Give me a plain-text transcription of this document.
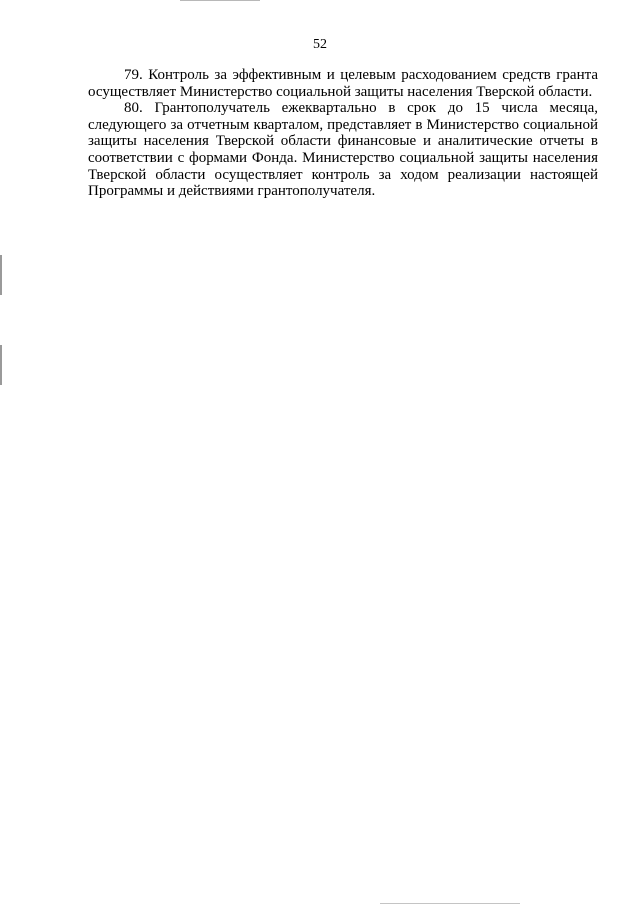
52

79. Контроль за эффективным и целевым расходованием средств гранта осуществляет Министерство социальной защиты населения Тверской области.

80. Грантополучатель ежеквартально в срок до 15 числа месяца, следующего за отчетным кварталом, представляет в Министерство социальной защиты населения Тверской области финансовые и аналитические отчеты в соответствии с формами Фонда. Министерство социальной защиты населения Тверской области осуществляет контроль за ходом реализации настоящей Программы и действиями грантополучателя.
